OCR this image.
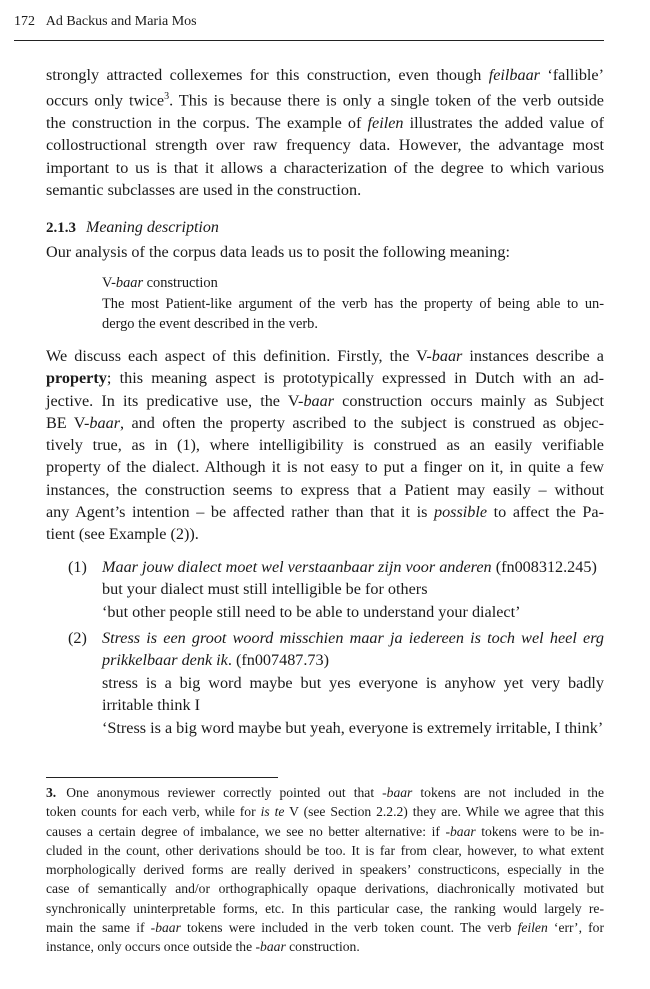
172 Ad Backus and Maria Mos
strongly attracted collexemes for this construction, even though feilbaar ‘fallible’
occurs only twice$^3$. This is because there is only a single token of the verb outside
the construction in the corpus. The example of feilen illustrates the added value of
collostructional strength over raw frequency data. However, the advantage most
important to us is that it allows a characterization of the degree to which various
semantic subclasses are used in the construction.
2.1.3 Meaning description
Our analysis of the corpus data leads us to posit the following meaning:
V-baar construction
The most Patient-like argument of the verb has the property of being able to un-
dergo the event described in the verb.
We discuss each aspect of this definition. Firstly, the V-baar instances describe a
property; this meaning aspect is prototypically expressed in Dutch with an ad-
jective. In its predicative use, the V-baar construction occurs mainly as Subject
BE V-baar, and often the property ascribed to the subject is construed as objec-
tively true, as in (1), where intelligibility is construed as an easily verifiable
property of the dialect. Although it is not easy to put a finger on it, in quite a few
instances, the construction seems to express that a Patient may easily – without
any Agent’s intention – be affected rather than that it is possible to affect the Pa-
tient (see Example (2)).
(1) Maar jouw dialect moet wel verstaanbaar zijn voor anderen (fn008312.245)
but your dialect must still intelligible be for others
‘but other people still need to be able to understand your dialect’
(2) Stress is een groot woord misschien maar ja iedereen is toch wel heel erg
prikkelbaar denk ik. (fn007487.73)
stress is a big word maybe but yes everyone is anyhow yet very badly
irritable think I
‘Stress is a big word maybe but yeah, everyone is extremely irritable, I think’
3. One anonymous reviewer correctly pointed out that -baar tokens are not included in the
token counts for each verb, while for is te V (see Section 2.2.2) they are. While we agree that this
causes a certain degree of imbalance, we see no better alternative: if -baar tokens were to be in-
cluded in the count, other derivations should be too. It is far from clear, however, to what extent
morphologically derived forms are really derived in speakers’ constructicons, especially in the
case of semantically and/or orthographically opaque derivations, diachronically motivated but
synchronically uninterpretable forms, etc. In this particular case, the ranking would largely re-
main the same if -baar tokens were included in the verb token count. The verb feilen ‘err’, for
instance, only occurs once outside the -baar construction.
